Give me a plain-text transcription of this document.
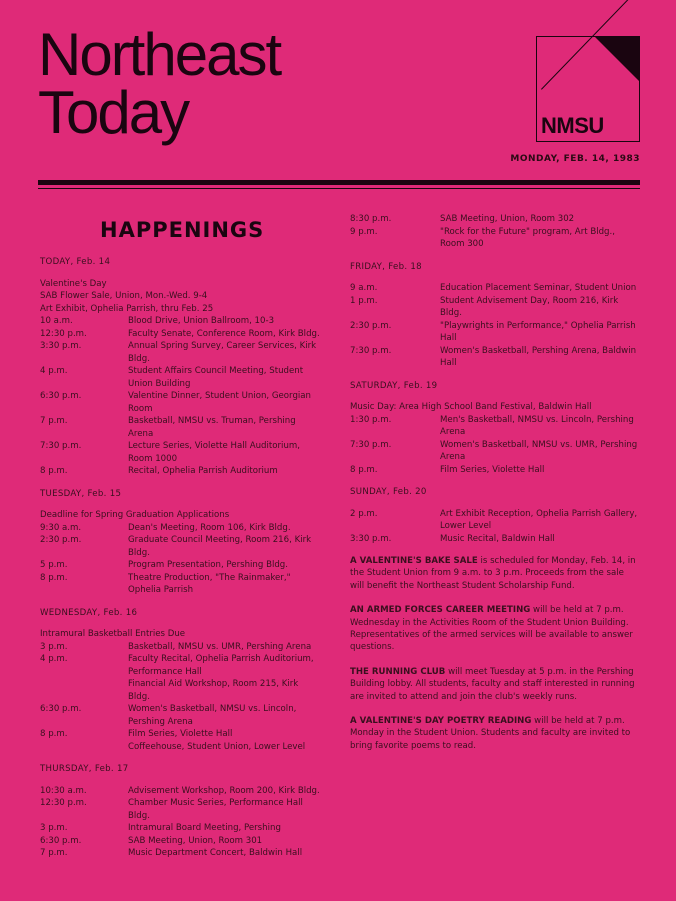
Northeast
Today	NMSU
MONDAY, FEB. 14, 1983
HAPPENINGS
TODAY, Feb. 14
Valentine's Day
SAB Flower Sale, Union, Mon.-Wed. 9-4
Art Exhibit, Ophelia Parrish, thru Feb. 25
10 a.m.	Blood Drive, Union Ballroom, 10-3
12:30 p.m.	Faculty Senate, Conference Room, Kirk Bldg.
3:30 p.m.	Annual Spring Survey, Career Services, Kirk Bldg.
4 p.m.	Student Affairs Council Meeting, Student Union Building
6:30 p.m.	Valentine Dinner, Student Union, Georgian Room
7 p.m.	Basketball, NMSU vs. Truman, Pershing Arena
7:30 p.m.	Lecture Series, Violette Hall Auditorium, Room 1000
8 p.m.	Recital, Ophelia Parrish Auditorium
TUESDAY, Feb. 15
Deadline for Spring Graduation Applications
9:30 a.m.	Dean's Meeting, Room 106, Kirk Bldg.
2:30 p.m.	Graduate Council Meeting, Room 216, Kirk Bldg.
5 p.m.	Program Presentation, Pershing Bldg.
8 p.m.	Theatre Production, "The Rainmaker," Ophelia Parrish
WEDNESDAY, Feb. 16
Intramural Basketball Entries Due
3 p.m.	Basketball, NMSU vs. UMR, Pershing Arena
4 p.m.	Faculty Recital, Ophelia Parrish Auditorium, Performance Hall
Financial Aid Workshop, Room 215, Kirk Bldg.
6:30 p.m.	Women's Basketball, NMSU vs. Lincoln, Pershing Arena
8 p.m.	Film Series, Violette Hall
Coffeehouse, Student Union, Lower Level
THURSDAY, Feb. 17
10:30 a.m.	Advisement Workshop, Room 200, Kirk Bldg.
12:30 p.m.	Chamber Music Series, Performance Hall
Bldg.
3 p.m.	Intramural Board Meeting, Pershing
6:30 p.m.	SAB Meeting, Union, Room 301
7 p.m.	Music Department Concert, Baldwin Hall
8:30 p.m.	SAB Meeting, Union, Room 302
9 p.m.	"Rock for the Future" program, Art Bldg., Room 300
FRIDAY, Feb. 18
9 a.m.	Education Placement Seminar, Student Union
1 p.m.	Student Advisement Day, Room 216, Kirk Bldg.
2:30 p.m.	"Playwrights in Performance," Ophelia Parrish Hall
7:30 p.m.	Women's Basketball, Pershing Arena, Baldwin Hall
SATURDAY, Feb. 19
Music Day: Area High School Band Festival, Baldwin Hall
1:30 p.m.	Men's Basketball, NMSU vs. Lincoln, Pershing Arena
7:30 p.m.	Women's Basketball, NMSU vs. UMR, Pershing Arena
8 p.m.	Film Series, Violette Hall
SUNDAY, Feb. 20
2 p.m.	Art Exhibit Reception, Ophelia Parrish Gallery, Lower Level
3:30 p.m.	Music Recital, Baldwin Hall

A VALENTINE'S BAKE SALE is scheduled for Monday, Feb. 14, in the Student Union from 9 a.m. to 3 p.m. Proceeds from the sale will benefit the Northeast Student Scholarship Fund.

AN ARMED FORCES CAREER MEETING will be held at 7 p.m. Wednesday in the Activities Room of the Student Union Building. Representatives of the armed services will be available to answer questions.

THE RUNNING CLUB will meet Tuesday at 5 p.m. in the Pershing Building lobby. All students, faculty and staff interested in running are invited to attend and join the club's weekly runs.

A VALENTINE'S DAY POETRY READING will be held at 7 p.m. Monday in the Student Union. Students and faculty are invited to bring favorite poems to read.
